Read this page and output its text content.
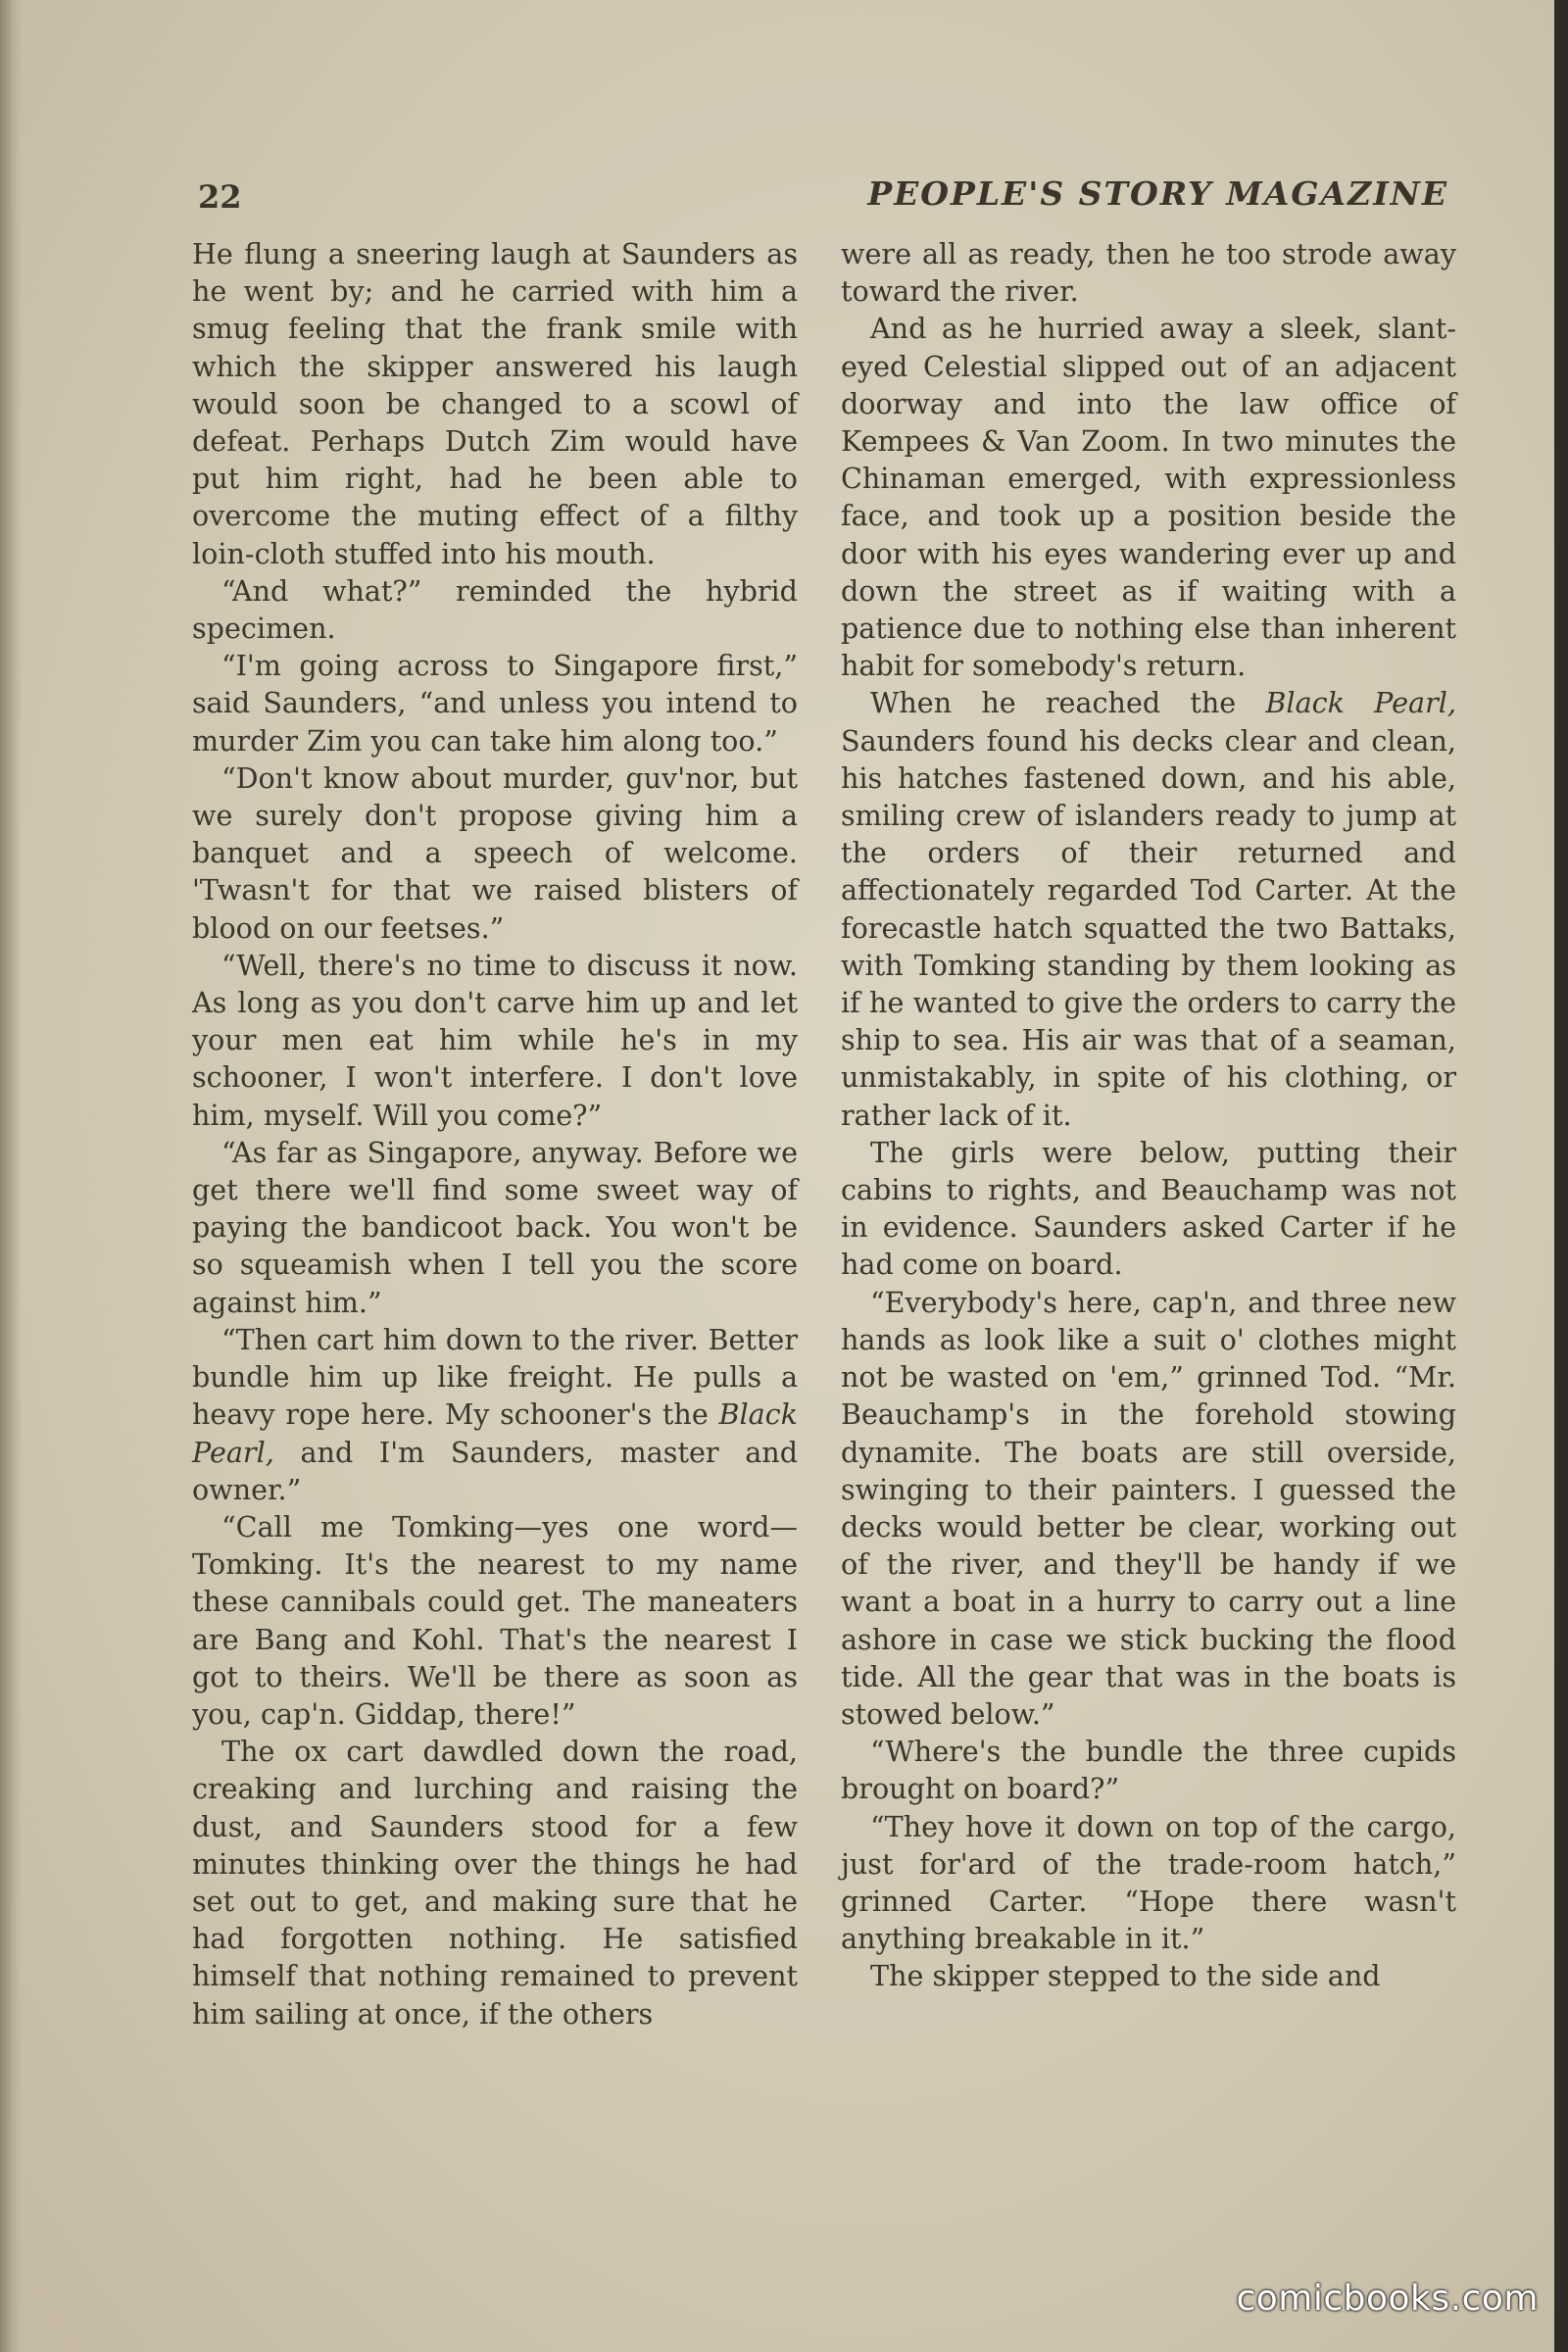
22	PEOPLE'S STORY MAGAZINE

He flung a sneering laugh at Saunders as he went by; and he carried with him a smug feeling that the frank smile with which the skipper answered his laugh would soon be changed to a scowl of defeat. Perhaps Dutch Zim would have put him right, had he been able to overcome the muting effect of a filthy loin-cloth stuffed into his mouth.

“And what?” reminded the hybrid specimen.

“I'm going across to Singapore first,” said Saunders, “and unless you intend to murder Zim you can take him along too.”

“Don't know about murder, guv'nor, but we surely don't propose giving him a banquet and a speech of welcome. 'Twasn't for that we raised blisters of blood on our feetses.”

“Well, there's no time to discuss it now. As long as you don't carve him up and let your men eat him while he's in my schooner, I won't interfere. I don't love him, myself. Will you come?”

“As far as Singapore, anyway. Before we get there we'll find some sweet way of paying the bandicoot back. You won't be so squeamish when I tell you the score against him.”

“Then cart him down to the river. Better bundle him up like freight. He pulls a heavy rope here. My schooner's the Black Pearl, and I'm Saunders, master and owner.”

“Call me Tomking—yes one word—Tomking. It's the nearest to my name these cannibals could get. The maneaters are Bang and Kohl. That's the nearest I got to theirs. We'll be there as soon as you, cap'n. Giddap, there!”

The ox cart dawdled down the road, creaking and lurching and raising the dust, and Saunders stood for a few minutes thinking over the things he had set out to get, and making sure that he had forgotten nothing. He satisfied himself that nothing remained to prevent him sailing at once, if the others

were all as ready, then he too strode away toward the river.

And as he hurried away a sleek, slant-eyed Celestial slipped out of an adjacent doorway and into the law office of Kempees & Van Zoom. In two minutes the Chinaman emerged, with expressionless face, and took up a position beside the door with his eyes wandering ever up and down the street as if waiting with a patience due to nothing else than inherent habit for somebody's return.

When he reached the Black Pearl, Saunders found his decks clear and clean, his hatches fastened down, and his able, smiling crew of islanders ready to jump at the orders of their returned and affectionately regarded Tod Carter. At the forecastle hatch squatted the two Battaks, with Tomking standing by them looking as if he wanted to give the orders to carry the ship to sea. His air was that of a seaman, unmistakably, in spite of his clothing, or rather lack of it.

The girls were below, putting their cabins to rights, and Beauchamp was not in evidence. Saunders asked Carter if he had come on board.

“Everybody's here, cap'n, and three new hands as look like a suit o' clothes might not be wasted on 'em,” grinned Tod. “Mr. Beauchamp's in the forehold stowing dynamite. The boats are still overside, swinging to their painters. I guessed the decks would better be clear, working out of the river, and they'll be handy if we want a boat in a hurry to carry out a line ashore in case we stick bucking the flood tide. All the gear that was in the boats is stowed below.”

“Where's the bundle the three cupids brought on board?”

“They hove it down on top of the cargo, just for'ard of the trade-room hatch,” grinned Carter. “Hope there wasn't anything breakable in it.”

The skipper stepped to the side and

comicbooks.com
